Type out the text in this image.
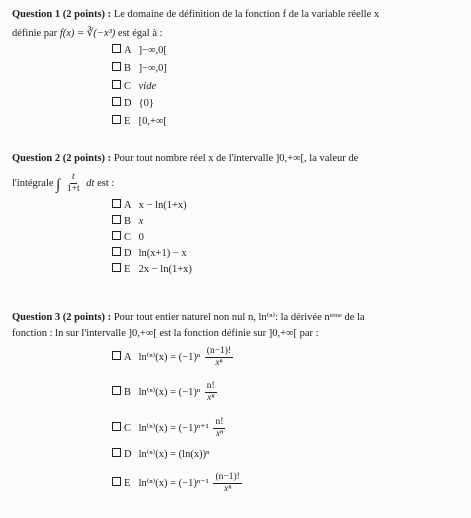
Question 1 (2 points) : Le domaine de définition de la fonction f de la variable réelle x
définie par f(x) = ∛(−x³) est égal à :
A ]−∞,0[
B ]−∞,0]
C vide
D {0}
E [0,+∞[
Question 2 (2 points) : Pour tout nombre réel x de l'intervalle ]0,+∞[, la valeur de
l'intégrale ∫ $\frac{t}{1+t}$ dt est :
A x − ln(1+x)
B x
C 0
D ln(x+1) − x
E 2x − ln(1+x)
Question 3 (2 points) : Pour tout entier naturel non nul n, ln⁽ⁿ⁾: la dérivée nᶦᵉᵐᵉ de la
fonction : ln sur l'intervalle ]0,+∞[ est la fonction définie sur ]0,+∞[ par :
A $\ln^{(n)}(x) = (-1)^n \frac{(n-1)!}{\text{xⁿ}}$
B $\ln^{(n)}(x) = (-1)^n \frac{n!}{\text{xⁿ}}$
C $\ln^{(n)}(x) = (-1)^{n+1} \frac{n!}{\text{xⁿ}}$
D ln⁽ⁿ⁾(x) = (ln(x))ⁿ
E $\ln^{(n)}(x) = (-1)^{n-1} \frac{(n-1)!}{\text{xⁿ}}$
